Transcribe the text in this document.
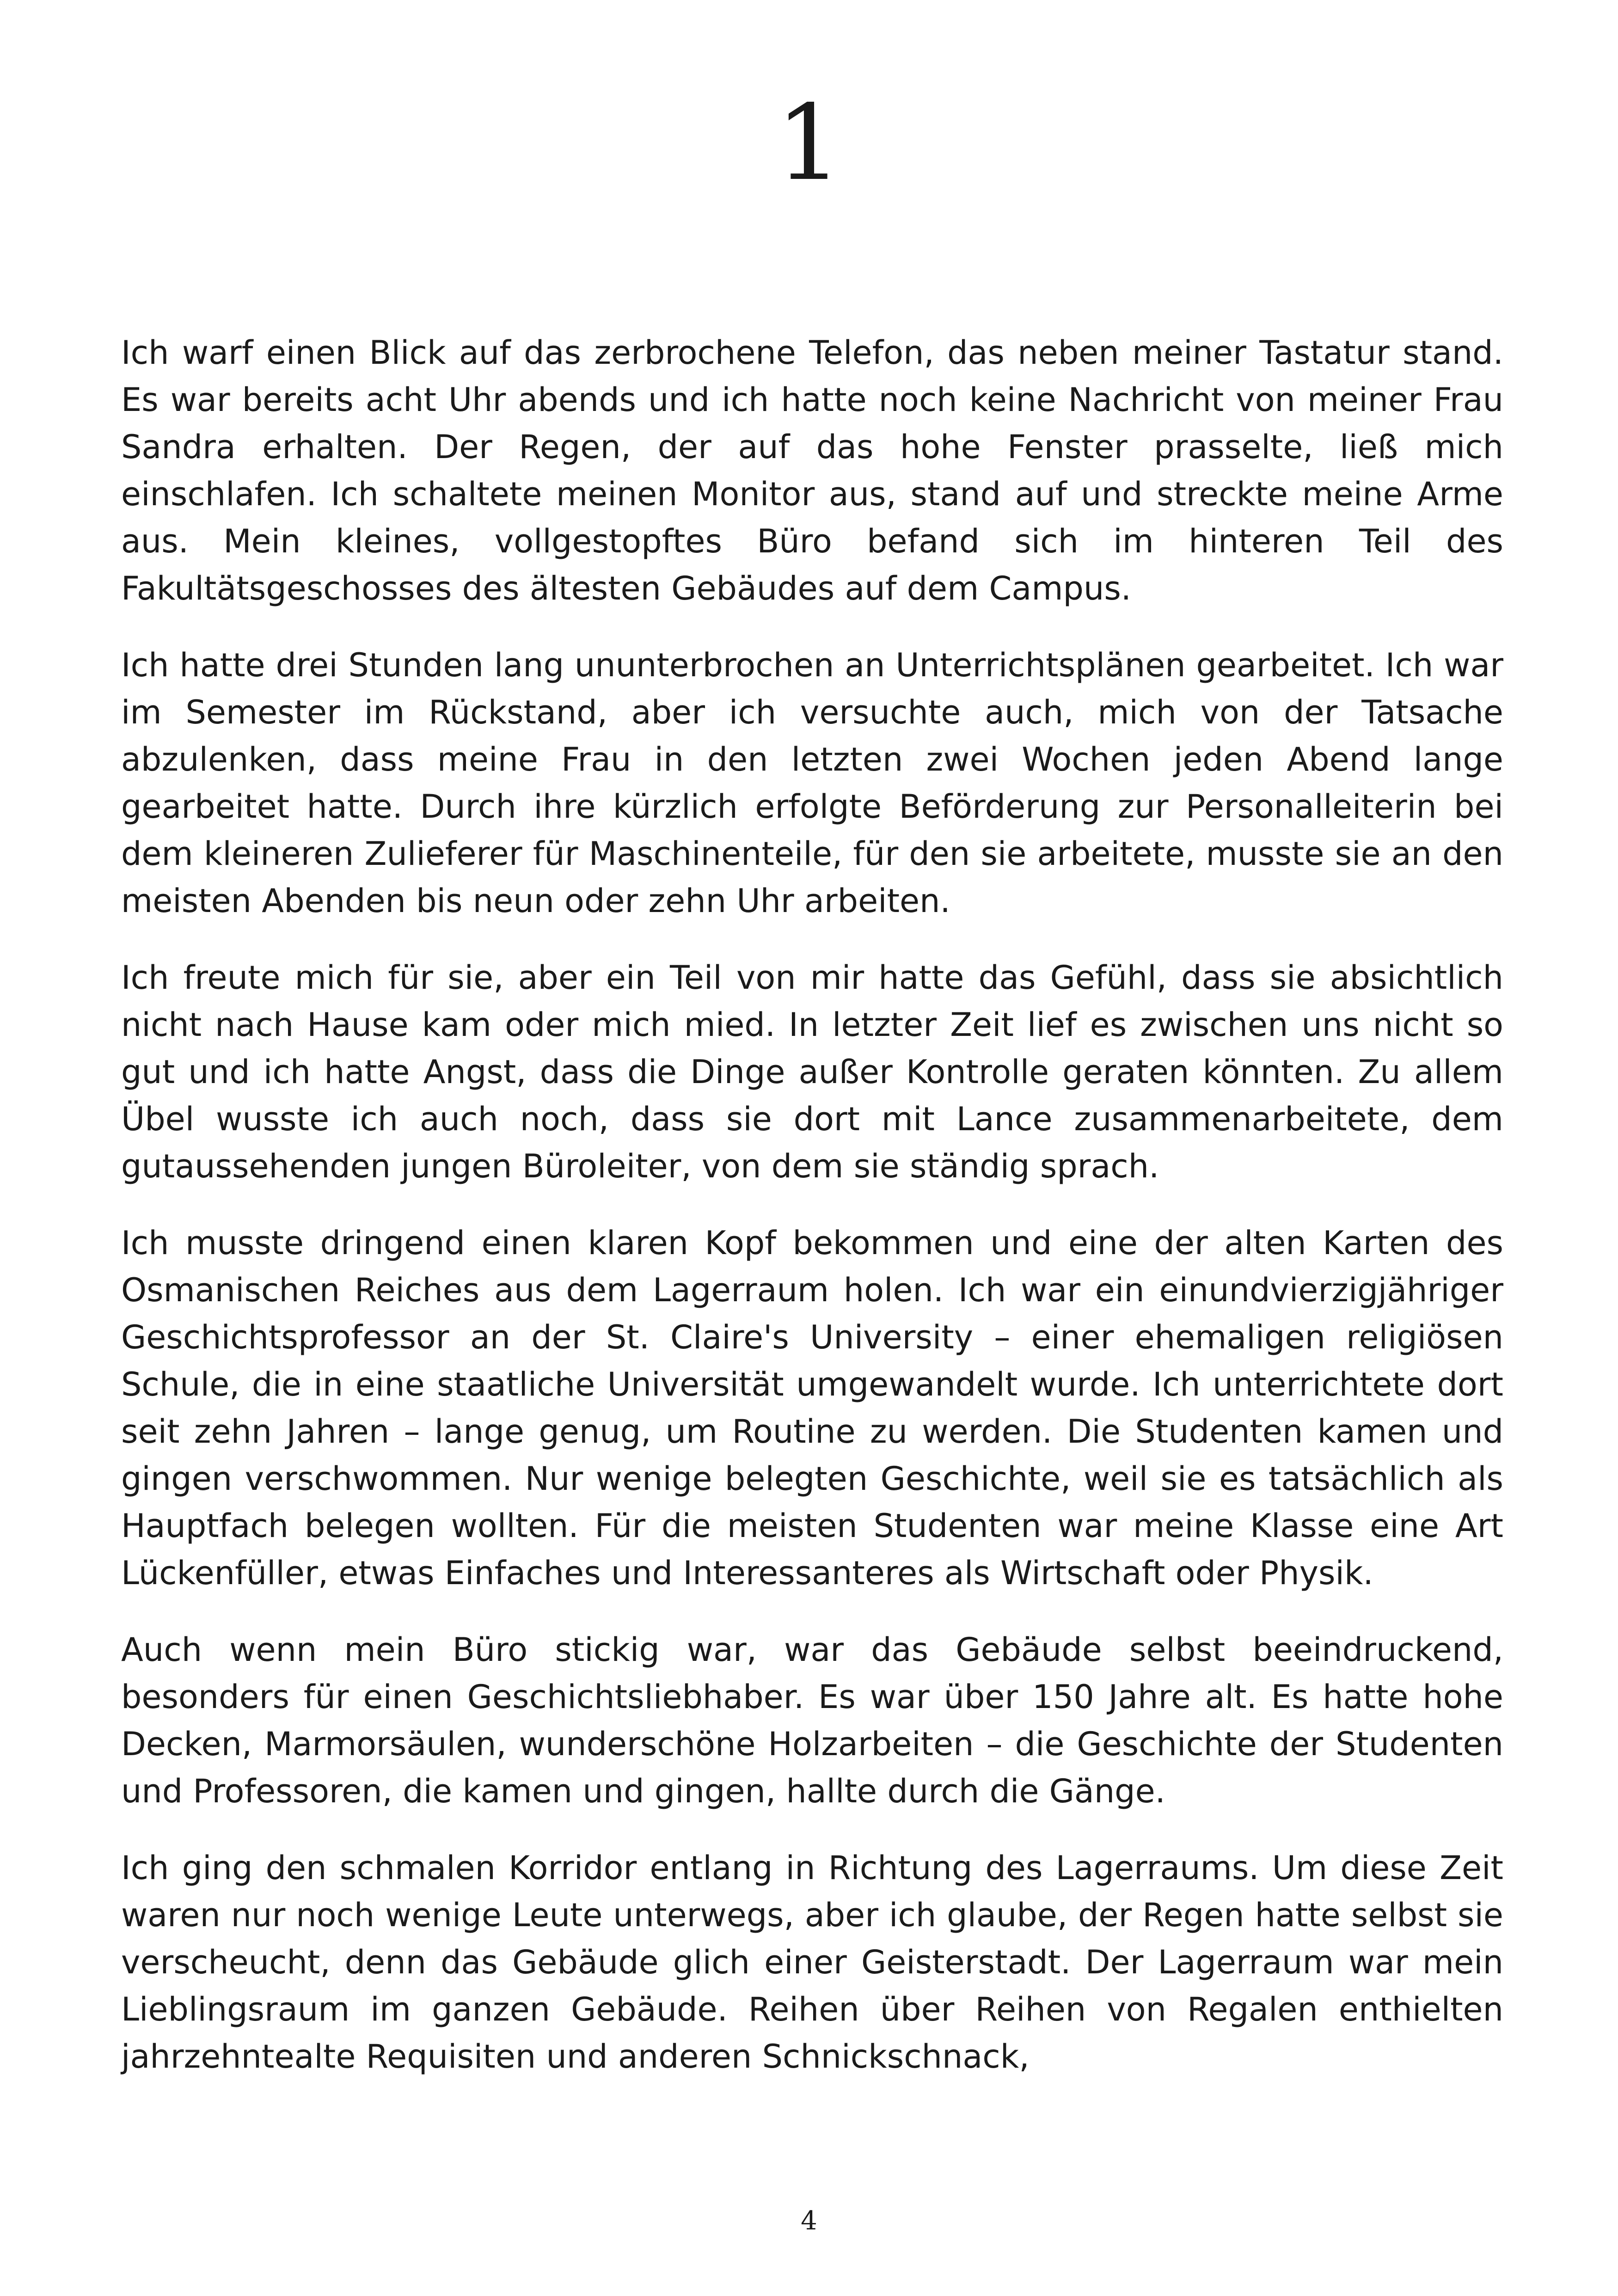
1

Ich warf einen Blick auf das zerbrochene Telefon, das neben meiner Tastatur stand. Es war bereits acht Uhr abends und ich hatte noch keine Nachricht von meiner Frau Sandra erhalten. Der Regen, der auf das hohe Fenster prasselte, ließ mich einschlafen. Ich schaltete meinen Monitor aus, stand auf und streckte meine Arme aus. Mein kleines, vollgestopftes Büro befand sich im hinteren Teil des Fakultätsgeschosses des ältesten Gebäudes auf dem Campus.

Ich hatte drei Stunden lang ununterbrochen an Unterrichtsplänen gearbeitet. Ich war im Semester im Rückstand, aber ich versuchte auch, mich von der Tatsache abzulenken, dass meine Frau in den letzten zwei Wochen jeden Abend lange gearbeitet hatte. Durch ihre kürzlich erfolgte Beförderung zur Personalleiterin bei dem kleineren Zulieferer für Maschinenteile, für den sie arbeitete, musste sie an den meisten Abenden bis neun oder zehn Uhr arbeiten.

Ich freute mich für sie, aber ein Teil von mir hatte das Gefühl, dass sie absichtlich nicht nach Hause kam oder mich mied. In letzter Zeit lief es zwischen uns nicht so gut und ich hatte Angst, dass die Dinge außer Kontrolle geraten könnten. Zu allem Übel wusste ich auch noch, dass sie dort mit Lance zusammenarbeitete, dem gutaussehenden jungen Büroleiter, von dem sie ständig sprach.

Ich musste dringend einen klaren Kopf bekommen und eine der alten Karten des Osmanischen Reiches aus dem Lagerraum holen. Ich war ein einundvierzigjähriger Geschichtsprofessor an der St. Claire's University – einer ehemaligen religiösen Schule, die in eine staatliche Universität umgewandelt wurde. Ich unterrichtete dort seit zehn Jahren – lange genug, um Routine zu werden. Die Studenten kamen und gingen verschwommen. Nur wenige belegten Geschichte, weil sie es tatsächlich als Hauptfach belegen wollten. Für die meisten Studenten war meine Klasse eine Art Lückenfüller, etwas Einfaches und Interessanteres als Wirtschaft oder Physik.

Auch wenn mein Büro stickig war, war das Gebäude selbst beeindruckend, besonders für einen Geschichtsliebhaber. Es war über 150 Jahre alt. Es hatte hohe Decken, Marmorsäulen, wunderschöne Holzarbeiten – die Geschichte der Studenten und Professoren, die kamen und gingen, hallte durch die Gänge.

Ich ging den schmalen Korridor entlang in Richtung des Lagerraums. Um diese Zeit waren nur noch wenige Leute unterwegs, aber ich glaube, der Regen hatte selbst sie verscheucht, denn das Gebäude glich einer Geisterstadt. Der Lagerraum war mein Lieblingsraum im ganzen Gebäude. Reihen über Reihen von Regalen enthielten jahrzehntealte Requisiten und anderen Schnickschnack,

4
